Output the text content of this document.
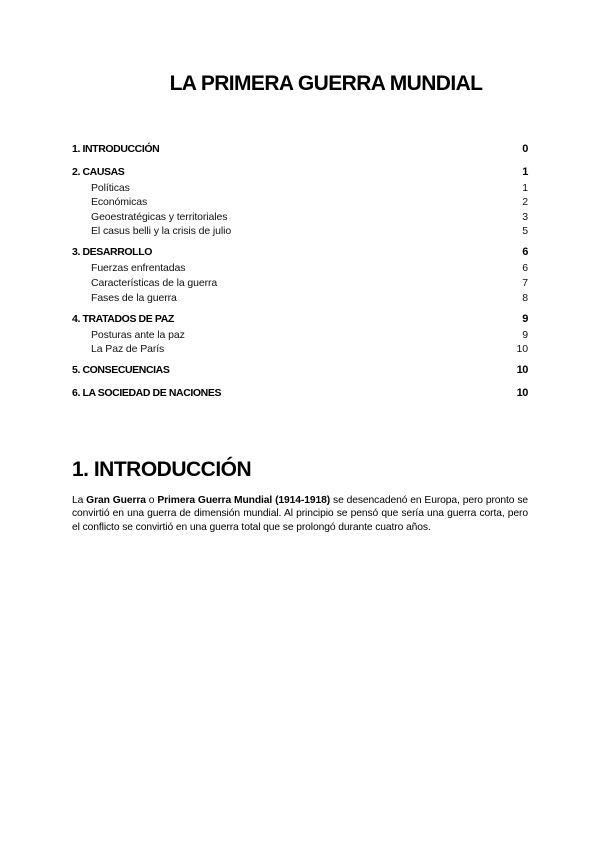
LA PRIMERA GUERRA MUNDIAL
1. INTRODUCCIÓN	0
2. CAUSAS	1
Políticas	1
Económicas	2
Geoestratégicas y territoriales	3
El casus belli y la crisis de julio	5
3. DESARROLLO	6
Fuerzas enfrentadas	6
Características de la guerra	7
Fases de la guerra	8
4. TRATADOS DE PAZ	9
Posturas ante la paz	9
La Paz de París	10
5. CONSECUENCIAS	10
6. LA SOCIEDAD DE NACIONES	10
1. INTRODUCCIÓN

La Gran Guerra o Primera Guerra Mundial (1914-1918) se desencadenó en Europa, pero pronto se convirtió en una guerra de dimensión mundial. Al principio se pensó que sería una guerra corta, pero el conflicto se convirtió en una guerra total que se prolongó durante cuatro años.
